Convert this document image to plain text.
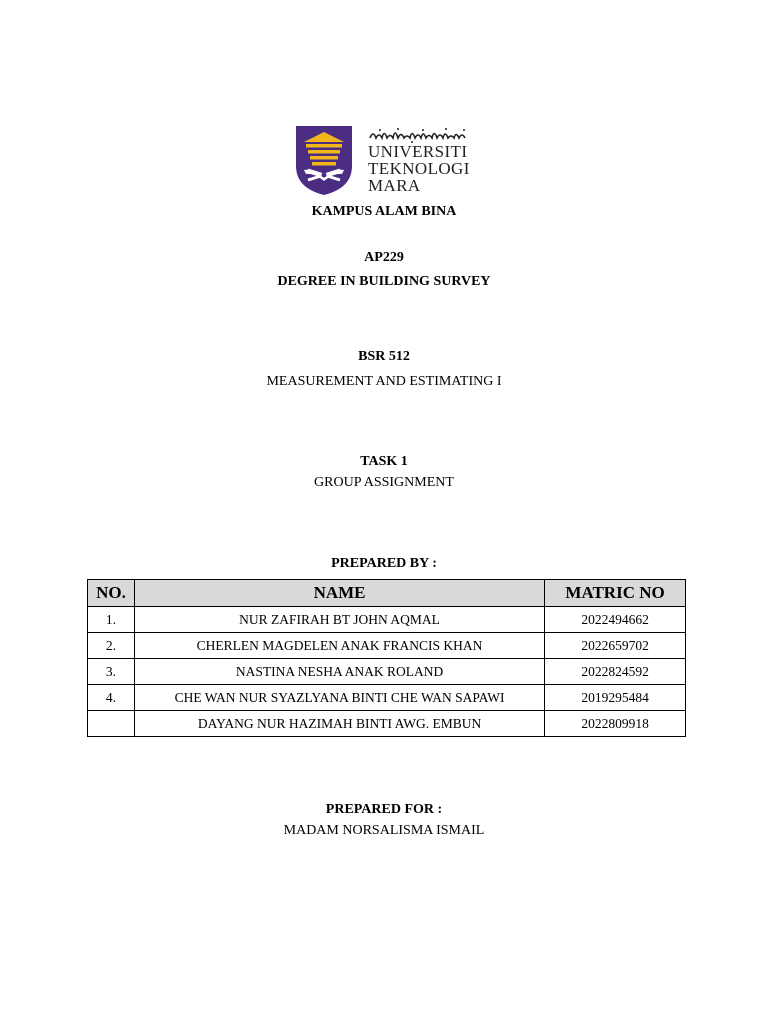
UNIVERSITI
TEKNOLOGI
MARA
KAMPUS ALAM BINA
AP229
DEGREE IN BUILDING SURVEY
BSR 512
MEASUREMENT AND ESTIMATING I
TASK 1
GROUP ASSIGNMENT
PREPARED BY :
NO.	NAME	MATRIC NO
1.	NUR ZAFIRAH BT JOHN AQMAL	2022494662
2.	CHERLEN MAGDELEN ANAK FRANCIS KHAN	2022659702
3.	NASTINA NESHA ANAK ROLAND	2022824592
4.	CHE WAN NUR SYAZLYANA BINTI CHE WAN SAPAWI	2019295484
	DAYANG NUR HAZIMAH BINTI AWG. EMBUN	2022809918
PREPARED FOR :
MADAM NORSALISMA ISMAIL
